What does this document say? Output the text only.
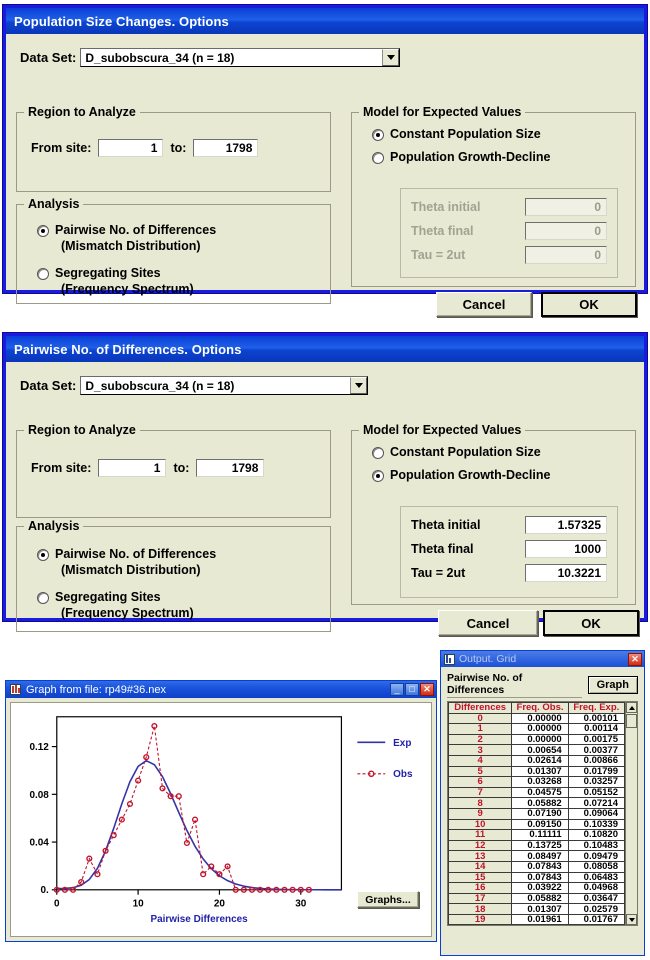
Population Size Changes. Options
Data Set: D_subobscura_34 (n = 18)
Region to Analyze
From site:	1	to:	1798
Analysis
Pairwise No. of Differences
(Mismatch Distribution)
Segregating Sites
(Frequency Spectrum)
Model for Expected Values
Constant Population Size
Population Growth-Decline
Theta initial	0
Theta final	0
Tau = 2ut	0
Cancel	OK
Pairwise No. of Differences. Options
Data Set: D_subobscura_34 (n = 18)
Region to Analyze
From site:	1	to:	1798
Analysis
Pairwise No. of Differences
(Mismatch Distribution)
Segregating Sites
(Frequency Spectrum)
Model for Expected Values
Constant Population Size
Population Growth-Decline
Theta initial	1.57325
Theta final	1000
Tau = 2ut	10.3221
Cancel	OK
Graph from file: rp49#36.nex	_	□ ✕
0.
0.04
0.08
0.12
0	10	20	30
Pairwise Differences
Exp
Obs
Graphs...
Output. Grid	✕
Pairwise No. of Differences	Graph
Differences	Freq. Obs.	Freq. Exp.
0	0.00000	0.00101
1	0.00000	0.00114
2	0.00000	0.00175
3	0.00654	0.00377
4	0.02614	0.00866
5	0.01307	0.01799
6	0.03268	0.03257
7	0.04575	0.05152
8	0.05882	0.07214
9	0.07190	0.09064
10	0.09150	0.10339
11	0.11111	0.10820
12	0.13725	0.10483
13	0.08497	0.09479
14	0.07843	0.08058
15	0.07843	0.06483
16	0.03922	0.04968
17	0.05882	0.03647
18	0.01307	0.02579
19	0.01961	0.01767
